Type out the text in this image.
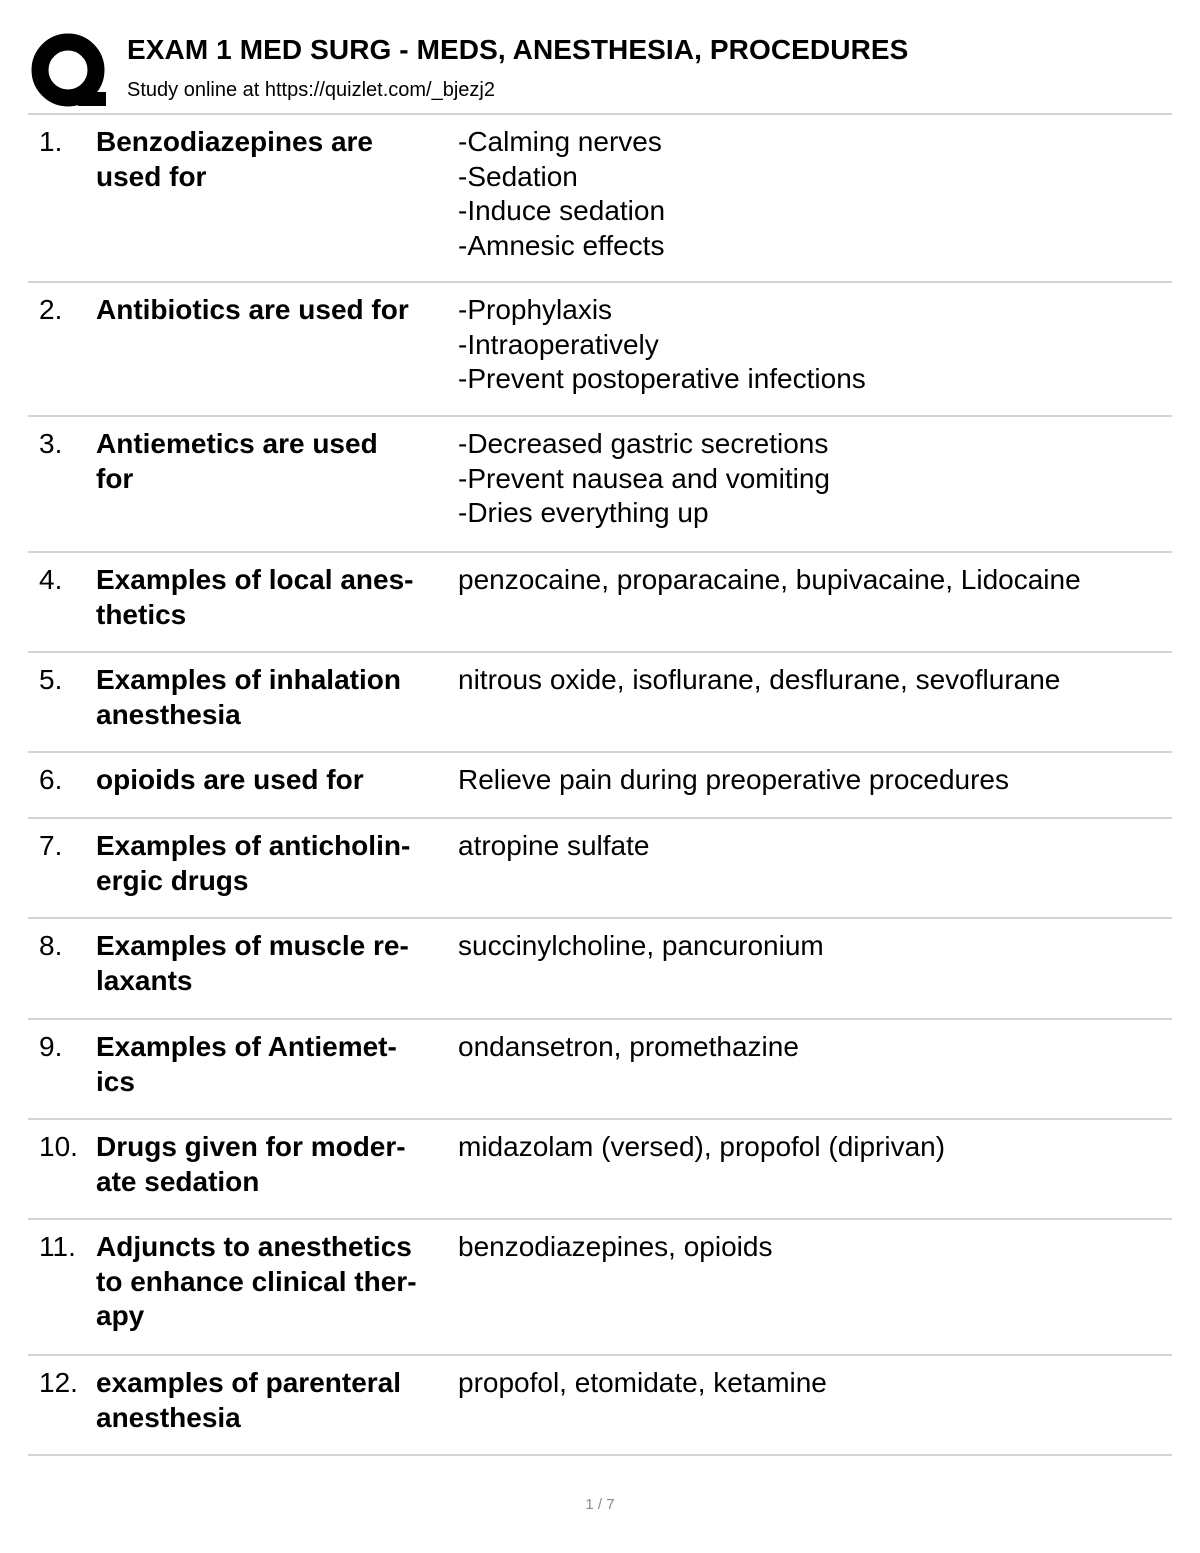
EXAM 1 MED SURG - MEDS, ANESTHESIA, PROCEDURES
Study online at https://quizlet.com/_bjezj2
1. Benzodiazepines are
used for
-Calming nerves
-Sedation
-Induce sedation
-Amnesic effects
2. Antibiotics are used for	-Prophylaxis
-Intraoperatively
-Prevent postoperative infections
3. Antiemetics are used
for
-Decreased gastric secretions
-Prevent nausea and vomiting
-Dries everything up
4. Examples of local anes-
thetics
penzocaine, proparacaine, bupivacaine, Lidocaine
5. Examples of inhalation
anesthesia
nitrous oxide, isoflurane, desflurane, sevoflurane
6. opioids are used for	Relieve pain during preoperative procedures
7. Examples of anticholin-
ergic drugs
atropine sulfate
8. Examples of muscle re-
laxants
succinylcholine, pancuronium
9. Examples of Antiemet-
ics
ondansetron, promethazine
10. Drugs given for moder-
ate sedation
midazolam (versed), propofol (diprivan)
11. Adjuncts to anesthetics
to enhance clinical ther-
apy
benzodiazepines, opioids
12. examples of parenteral
anesthesia
propofol, etomidate, ketamine
1 / 7
